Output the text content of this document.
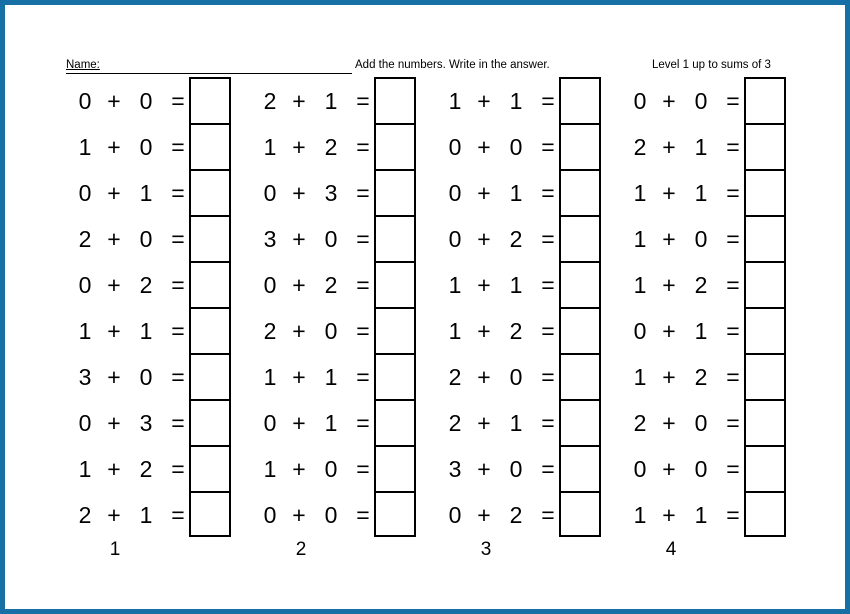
Name:	Add the numbers. Write in the answer.	Level 1 up to sums of 3
0 + 0 =
1 + 0 =
0 + 1 =
2 + 0 =
0 + 2 =
1 + 1 =
3 + 0 =
0 + 3 =
1 + 2 =
2 + 1 =
2 + 1 =
1 + 2 =
0 + 3 =
3 + 0 =
0 + 2 =
2 + 0 =
1 + 1 =
0 + 1 =
1 + 0 =
0 + 0 =
1 + 1 =
0 + 0 =
0 + 1 =
0 + 2 =
1 + 1 =
1 + 2 =
2 + 0 =
2 + 1 =
3 + 0 =
0 + 2 =
0 + 0 =
2 + 1 =
1 + 1 =
1 + 0 =
1 + 2 =
0 + 1 =
1 + 2 =
2 + 0 =
0 + 0 =
1 + 1 =
1	2	3	4
